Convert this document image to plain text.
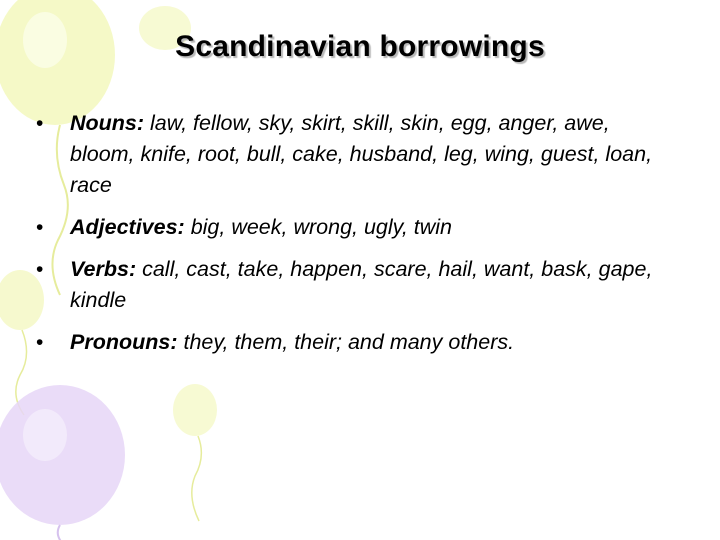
Scandinavian borrowings
• Nouns: law, fellow, sky, skirt, skill, skin, egg, anger, awe, bloom, knife, root, bull, cake, husband, leg, wing, guest, loan, race
• Adjectives: big, week, wrong, ugly, twin
• Verbs: call, cast, take, happen, scare, hail, want, bask, gape, kindle
• Pronouns: they, them, their; and many others.
